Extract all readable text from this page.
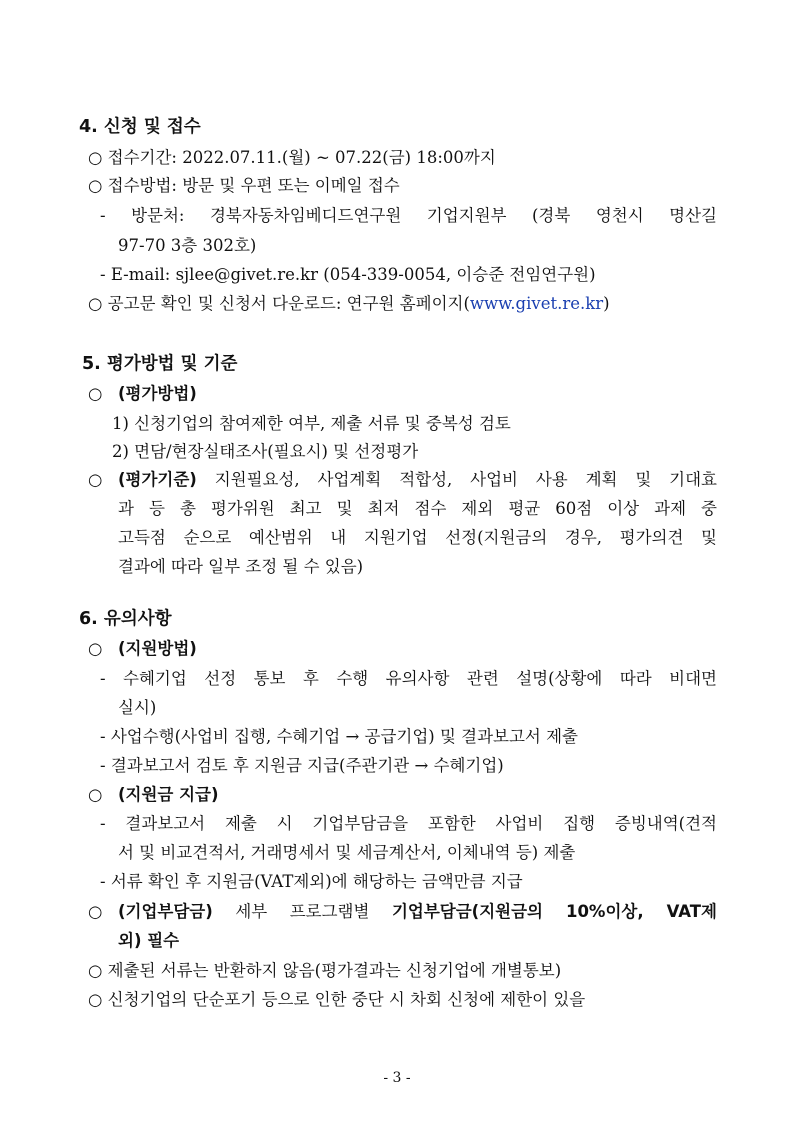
4. 신청 및 접수
○ 접수기간: 2022.07.11.(월) ~ 07.22(금) 18:00까지
○ 접수방법: 방문 및 우편 또는 이메일 접수
- 방문처: 경북자동차임베디드연구원 기업지원부 (경북 영천시 명산길
97-70 3층 302호)
- E-mail: sjlee@givet.re.kr (054-339-0054, 이승준 전임연구원)
○ 공고문 확인 및 신청서 다운로드: 연구원 홈페이지(www.givet.re.kr)
5. 평가방법 및 기준
○ (평가방법)
1) 신청기업의 참여제한 여부, 제출 서류 및 중복성 검토
2) 면담/현장실태조사(필요시) 및 선정평가
○ (평가기준) 지원필요성, 사업계획 적합성, 사업비 사용 계획 및 기대효
과 등 총 평가위원 최고 및 최저 점수 제외 평균 60점 이상 과제 중
고득점 순으로 예산범위 내 지원기업 선정(지원금의 경우, 평가의견 및
결과에 따라 일부 조정 될 수 있음)
6. 유의사항
○ (지원방법)
- 수혜기업 선정 통보 후 수행 유의사항 관련 설명(상황에 따라 비대면
실시)
- 사업수행(사업비 집행, 수혜기업 → 공급기업) 및 결과보고서 제출
- 결과보고서 검토 후 지원금 지급(주관기관 → 수혜기업)
○ (지원금 지급)
- 결과보고서 제출 시 기업부담금을 포함한 사업비 집행 증빙내역(견적
서 및 비교견적서, 거래명세서 및 세금계산서, 이체내역 등) 제출
- 서류 확인 후 지원금(VAT제외)에 해당하는 금액만큼 지급
○ (기업부담금) 세부 프로그램별 기업부담금(지원금의 10%이상, VAT제
외) 필수
○ 제출된 서류는 반환하지 않음(평가결과는 신청기업에 개별통보)
○ 신청기업의 단순포기 등으로 인한 중단 시 차회 신청에 제한이 있을
- 3 -
